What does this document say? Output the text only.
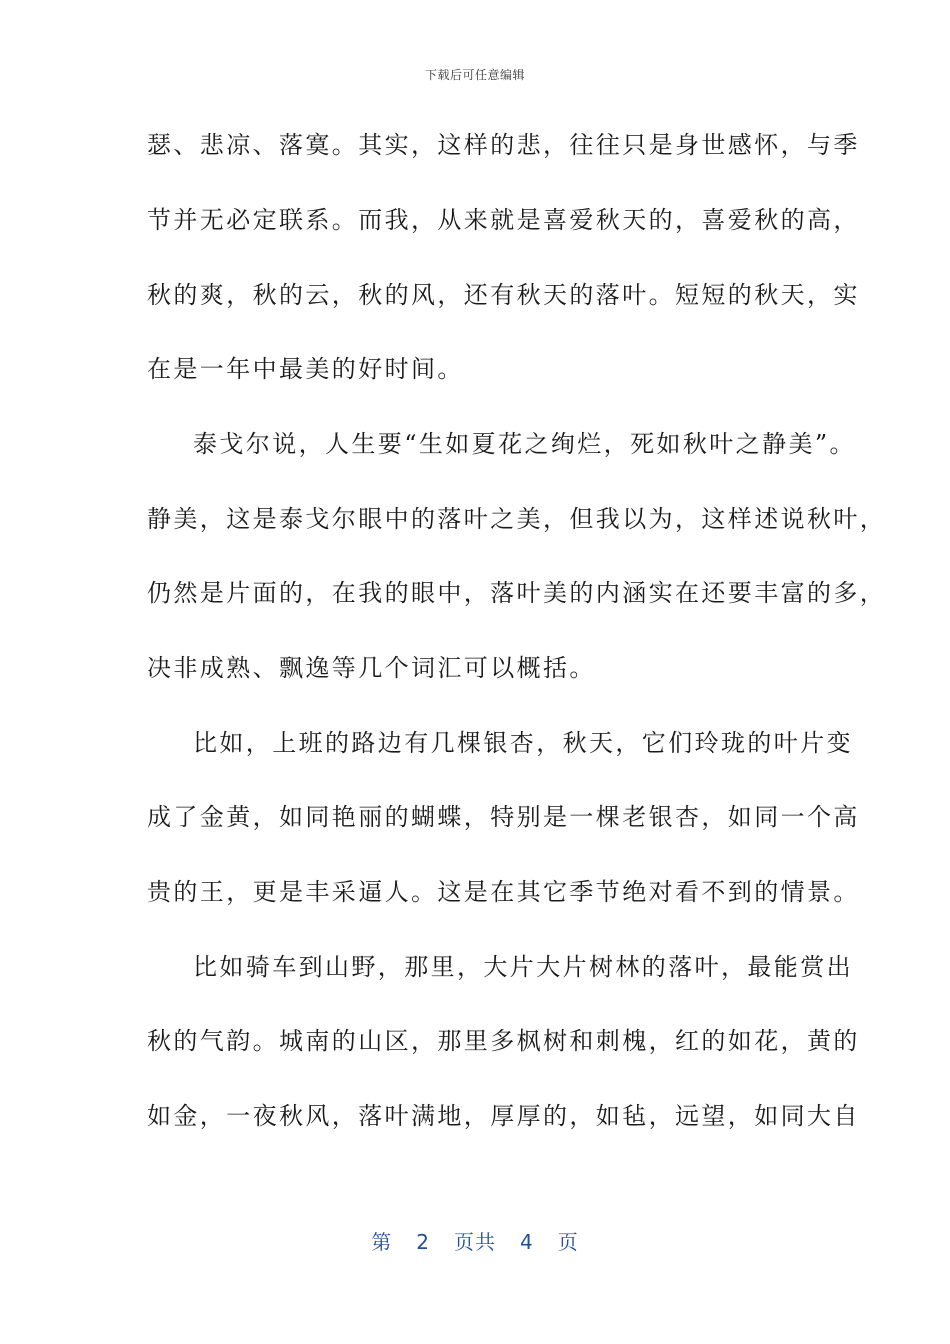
下载后可任意编辑
瑟、悲凉、落寞。其实，这样的悲，往往只是身世感怀，与季
节并无必定联系。而我，从来就是喜爱秋天的，喜爱秋的高，
秋的爽，秋的云，秋的风，还有秋天的落叶。短短的秋天，实
在是一年中最美的好时间。
泰戈尔说，人生要“生如夏花之绚烂，死如秋叶之静美”。
静美，这是泰戈尔眼中的落叶之美，但我以为，这样述说秋叶，
仍然是片面的，在我的眼中，落叶美的内涵实在还要丰富的多，
决非成熟、飘逸等几个词汇可以概括。
比如，上班的路边有几棵银杏，秋天，它们玲珑的叶片变
成了金黄，如同艳丽的蝴蝶，特别是一棵老银杏，如同一个高
贵的王，更是丰采逼人。这是在其它季节绝对看不到的情景。
比如骑车到山野，那里，大片大片树林的落叶，最能赏出
秋的气韵。城南的山区，那里多枫树和刺槐，红的如花，黄的
如金，一夜秋风，落叶满地，厚厚的，如毡，远望，如同大自
第 2 页共 4 页
